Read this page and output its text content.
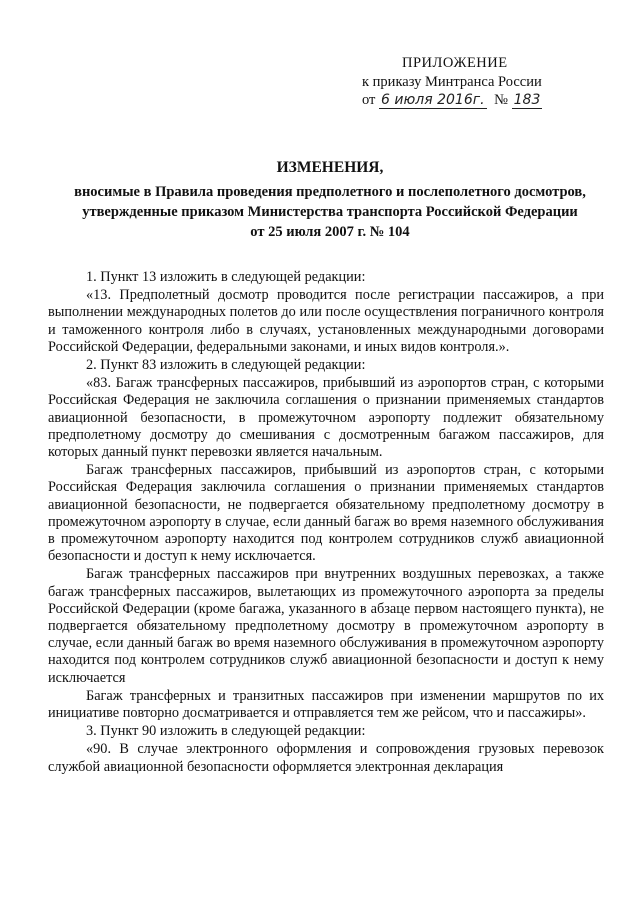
ПРИЛОЖЕНИЕ
к приказу Минтранса России
от 6 июля 2016г. № 183
ИЗМЕНЕНИЯ,
вносимые в Правила проведения предполетного и послеполетного досмотров,
утвержденные приказом Министерства транспорта Российской Федерации
от 25 июля 2007 г. № 104

1. Пункт 13 изложить в следующей редакции:

«13. Предполетный досмотр проводится после регистрации пассажиров, а при выполнении международных полетов до или после осуществления пограничного контроля и таможенного контроля либо в случаях, установленных международными договорами Российской Федерации, федеральными законами, и иных видов контроля.».

2. Пункт 83 изложить в следующей редакции:

«83. Багаж трансферных пассажиров, прибывший из аэропортов стран, с которыми Российская Федерация не заключила соглашения о признании применяемых стандартов авиационной безопасности, в промежуточном аэропорту подлежит обязательному предполетному досмотру до смешивания с досмотренным багажом пассажиров, для которых данный пункт перевозки является начальным.

Багаж трансферных пассажиров, прибывший из аэропортов стран, с которыми Российская Федерация заключила соглашения о признании применяемых стандартов авиационной безопасности, не подвергается обязательному предполетному досмотру в промежуточном аэропорту в случае, если данный багаж во время наземного обслуживания в промежуточном аэропорту находится под контролем сотрудников служб авиационной безопасности и доступ к нему исключается.

Багаж трансферных пассажиров при внутренних воздушных перевозках, а также багаж трансферных пассажиров, вылетающих из промежуточного аэропорта за пределы Российской Федерации (кроме багажа, указанного в абзаце первом настоящего пункта), не подвергается обязательному предполетному досмотру в промежуточном аэропорту в случае, если данный багаж во время наземного обслуживания в промежуточном аэропорту находится под контролем сотрудников служб авиационной безопасности и доступ к нему исключается

Багаж трансферных и транзитных пассажиров при изменении маршрутов по их инициативе повторно досматривается и отправляется тем же рейсом, что и пассажиры».

3. Пункт 90 изложить в следующей редакции:

«90. В случае электронного оформления и сопровождения грузовых перевозок службой авиационной безопасности оформляется электронная декларация
